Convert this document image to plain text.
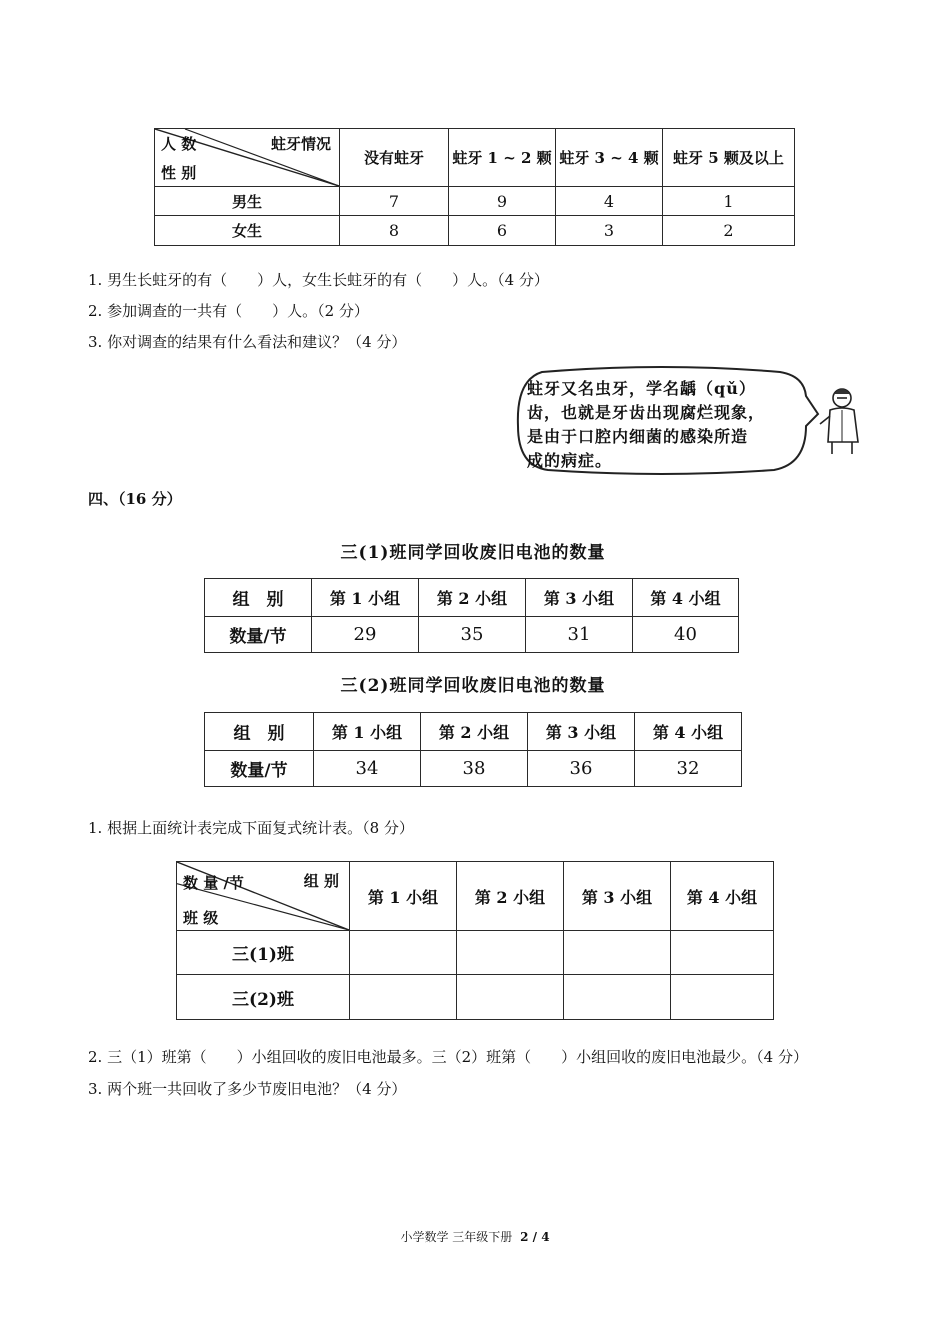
人 数 蛀牙情况
性 别	没有蛀牙	蛀牙 1 ~ 2 颗	蛀牙 3 ~ 4 颗	蛀牙 5 颗及以上
男生	7	9	4	1
女生	8	6	3	2
1. 男生长蛀牙的有（　　）人，女生长蛀牙的有（　　）人。（4 分）
2. 参加调查的一共有（　　）人。（2 分）
3. 你对调查的结果有什么看法和建议？（4 分）
蛀牙又名虫牙，学名龋（qǔ）
齿，也就是牙齿出现腐烂现象，
是由于口腔内细菌的感染所造
成的病症。
四、（16 分）
三(1)班同学回收废旧电池的数量
组　别	第 1 小组	第 2 小组	第 3 小组	第 4 小组
数量/节	29	35	31	40
三(2)班同学回收废旧电池的数量
组　别	第 1 小组	第 2 小组	第 3 小组	第 4 小组
数量/节	34	38	36	32
1. 根据上面统计表完成下面复式统计表。（8 分）
数 量 /节 组 别
班 级	第 1 小组	第 2 小组	第 3 小组	第 4 小组
三(1)班				
三(2)班				
2. 三（1）班第（　　）小组回收的废旧电池最多。三（2）班第（　　）小组回收的废旧电池最少。（4 分）
3. 两个班一共回收了多少节废旧电池？（4 分）
小学数学 三年级下册 2 / 4
